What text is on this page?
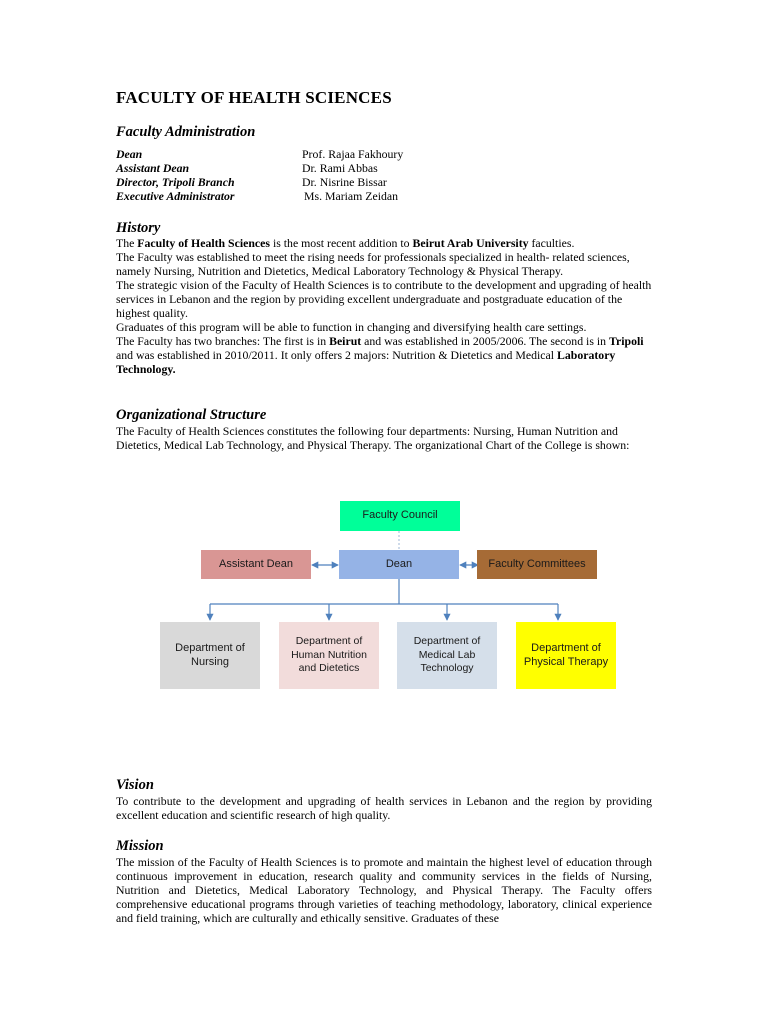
FACULTY OF HEALTH SCIENCES
Faculty Administration
Dean	Prof. Rajaa Fakhoury
Assistant Dean	Dr. Rami Abbas
Director, Tripoli Branch	Dr. Nisrine Bissar
Executive Administrator	Ms. Mariam Zeidan
History
The Faculty of Health Sciences is the most recent addition to Beirut Arab University faculties.
The Faculty was established to meet the rising needs for professionals specialized in health- related sciences, namely Nursing, Nutrition and Dietetics, Medical Laboratory Technology & Physical Therapy.
The strategic vision of the Faculty of Health Sciences is to contribute to the development and upgrading of health services in Lebanon and the region by providing excellent undergraduate and postgraduate education of the highest quality.
Graduates of this program will be able to function in changing and diversifying health care settings.
The Faculty has two branches: The first is in Beirut and was established in 2005/2006. The second is in Tripoli and was established in 2010/2011. It only offers 2 majors: Nutrition & Dietetics and Medical Laboratory Technology.
Organizational Structure
The Faculty of Health Sciences constitutes the following four departments: Nursing, Human Nutrition and Dietetics, Medical Lab Technology, and Physical Therapy. The organizational Chart of the College is shown:
Vision
To contribute to the development and upgrading of health services in Lebanon and the region by providing excellent education and scientific research of high quality.
Mission
The mission of the Faculty of Health Sciences is to promote and maintain the highest level of education through continuous improvement in education, research quality and community services in the fields of Nursing, Nutrition and Dietetics, Medical Laboratory Technology, and Physical Therapy. The Faculty offers comprehensive educational programs through varieties of teaching methodology, laboratory, clinical experience and field training, which are culturally and ethically sensitive. Graduates of these
Faculty Council
Assistant Dean	Dean	Faculty Committees
Department of Nursing
Department of Human Nutrition and Dietetics
Department of Medical Lab Technology
Department of Physical Therapy
